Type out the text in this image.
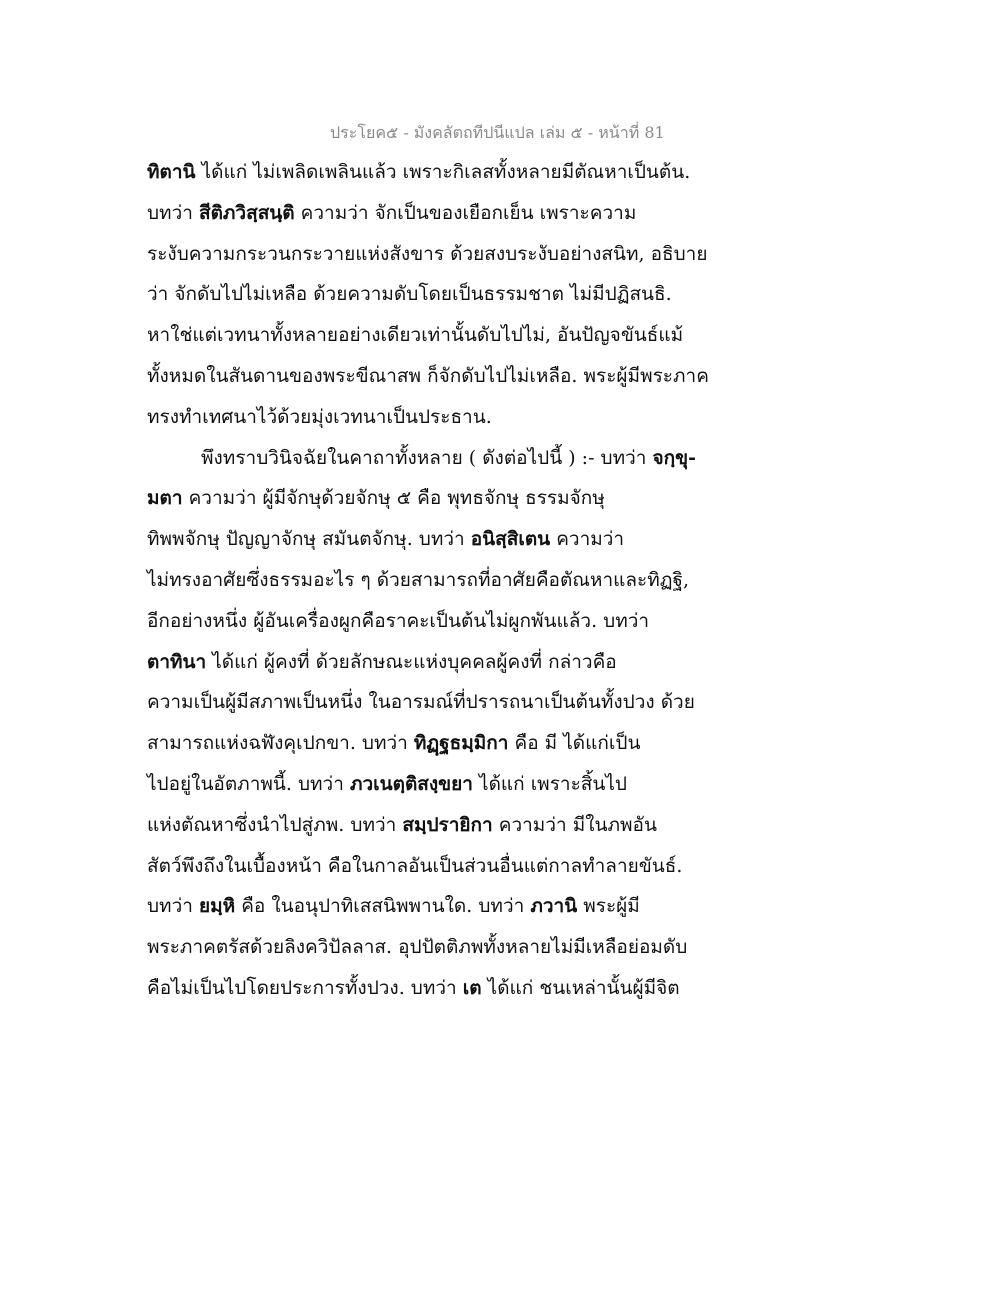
ประโยค๕ - มังคลัตถทีปนีแปล เล่ม ๕ - หน้าที่ 81
ทิตานิ ได้แก่ ไม่เพลิดเพลินแล้ว เพราะกิเลสทั้งหลายมีตัณหาเป็นต้น.
บทว่า สีติภวิสฺสนฺติ ความว่า จักเป็นของเยือกเย็น เพราะความ
ระงับความกระวนกระวายแห่งสังขาร ด้วยสงบระงับอย่างสนิท, อธิบาย
ว่า จักดับไปไม่เหลือ ด้วยความดับโดยเป็นธรรมชาต ไม่มีปฏิสนธิ.
หาใช่แต่เวทนาทั้งหลายอย่างเดียวเท่านั้นดับไปไม่, อันปัญจขันธ์แม้
ทั้งหมดในสันดานของพระขีณาสพ ก็จักดับไปไม่เหลือ. พระผู้มีพระภาค
ทรงทำเทศนาไว้ด้วยมุ่งเวทนาเป็นประธาน.
พึงทราบวินิจฉัยในคาถาทั้งหลาย ( ดังต่อไปนี้ ) :- บทว่า จกฺขุ-
มตา ความว่า ผู้มีจักษุด้วยจักษุ ๕ คือ พุทธจักษุ ธรรมจักษุ
ทิพพจักษุ ปัญญาจักษุ สมันตจักษุ. บทว่า อนิสฺสิเตน ความว่า
ไม่ทรงอาศัยซึ่งธรรมอะไร ๆ ด้วยสามารถที่อาศัยคือตัณหาและทิฏฐิ,
อีกอย่างหนึ่ง ผู้อันเครื่องผูกคือราคะเป็นต้นไม่ผูกพันแล้ว. บทว่า
ตาทินา ได้แก่ ผู้คงที่ ด้วยลักษณะแห่งบุคคลผู้คงที่ กล่าวคือ
ความเป็นผู้มีสภาพเป็นหนึ่ง ในอารมณ์ที่ปรารถนาเป็นต้นทั้งปวง ด้วย
สามารถแห่งฉฬังคุเปกขา. บทว่า ทิฏฺฐธมฺมิกา คือ มี ได้แก่เป็น
ไปอยู่ในอัตภาพนี้. บทว่า ภวเนตฺติสงฺขยา ได้แก่ เพราะสิ้นไป
แห่งตัณหาซึ่งนำไปสู่ภพ. บทว่า สมฺปรายิกา ความว่า มีในภพอัน
สัตว์พึงถึงในเบื้องหน้า คือในกาลอันเป็นส่วนอื่นแต่กาลทำลายขันธ์.
บทว่า ยมฺหิ คือ ในอนุปาทิเสสนิพพานใด. บทว่า ภวานิ พระผู้มี
พระภาคตรัสด้วยลิงควิปัลลาส. อุปปัตติภพทั้งหลายไม่มีเหลือย่อมดับ
คือไม่เป็นไปโดยประการทั้งปวง. บทว่า เต ได้แก่ ชนเหล่านั้นผู้มีจิต
